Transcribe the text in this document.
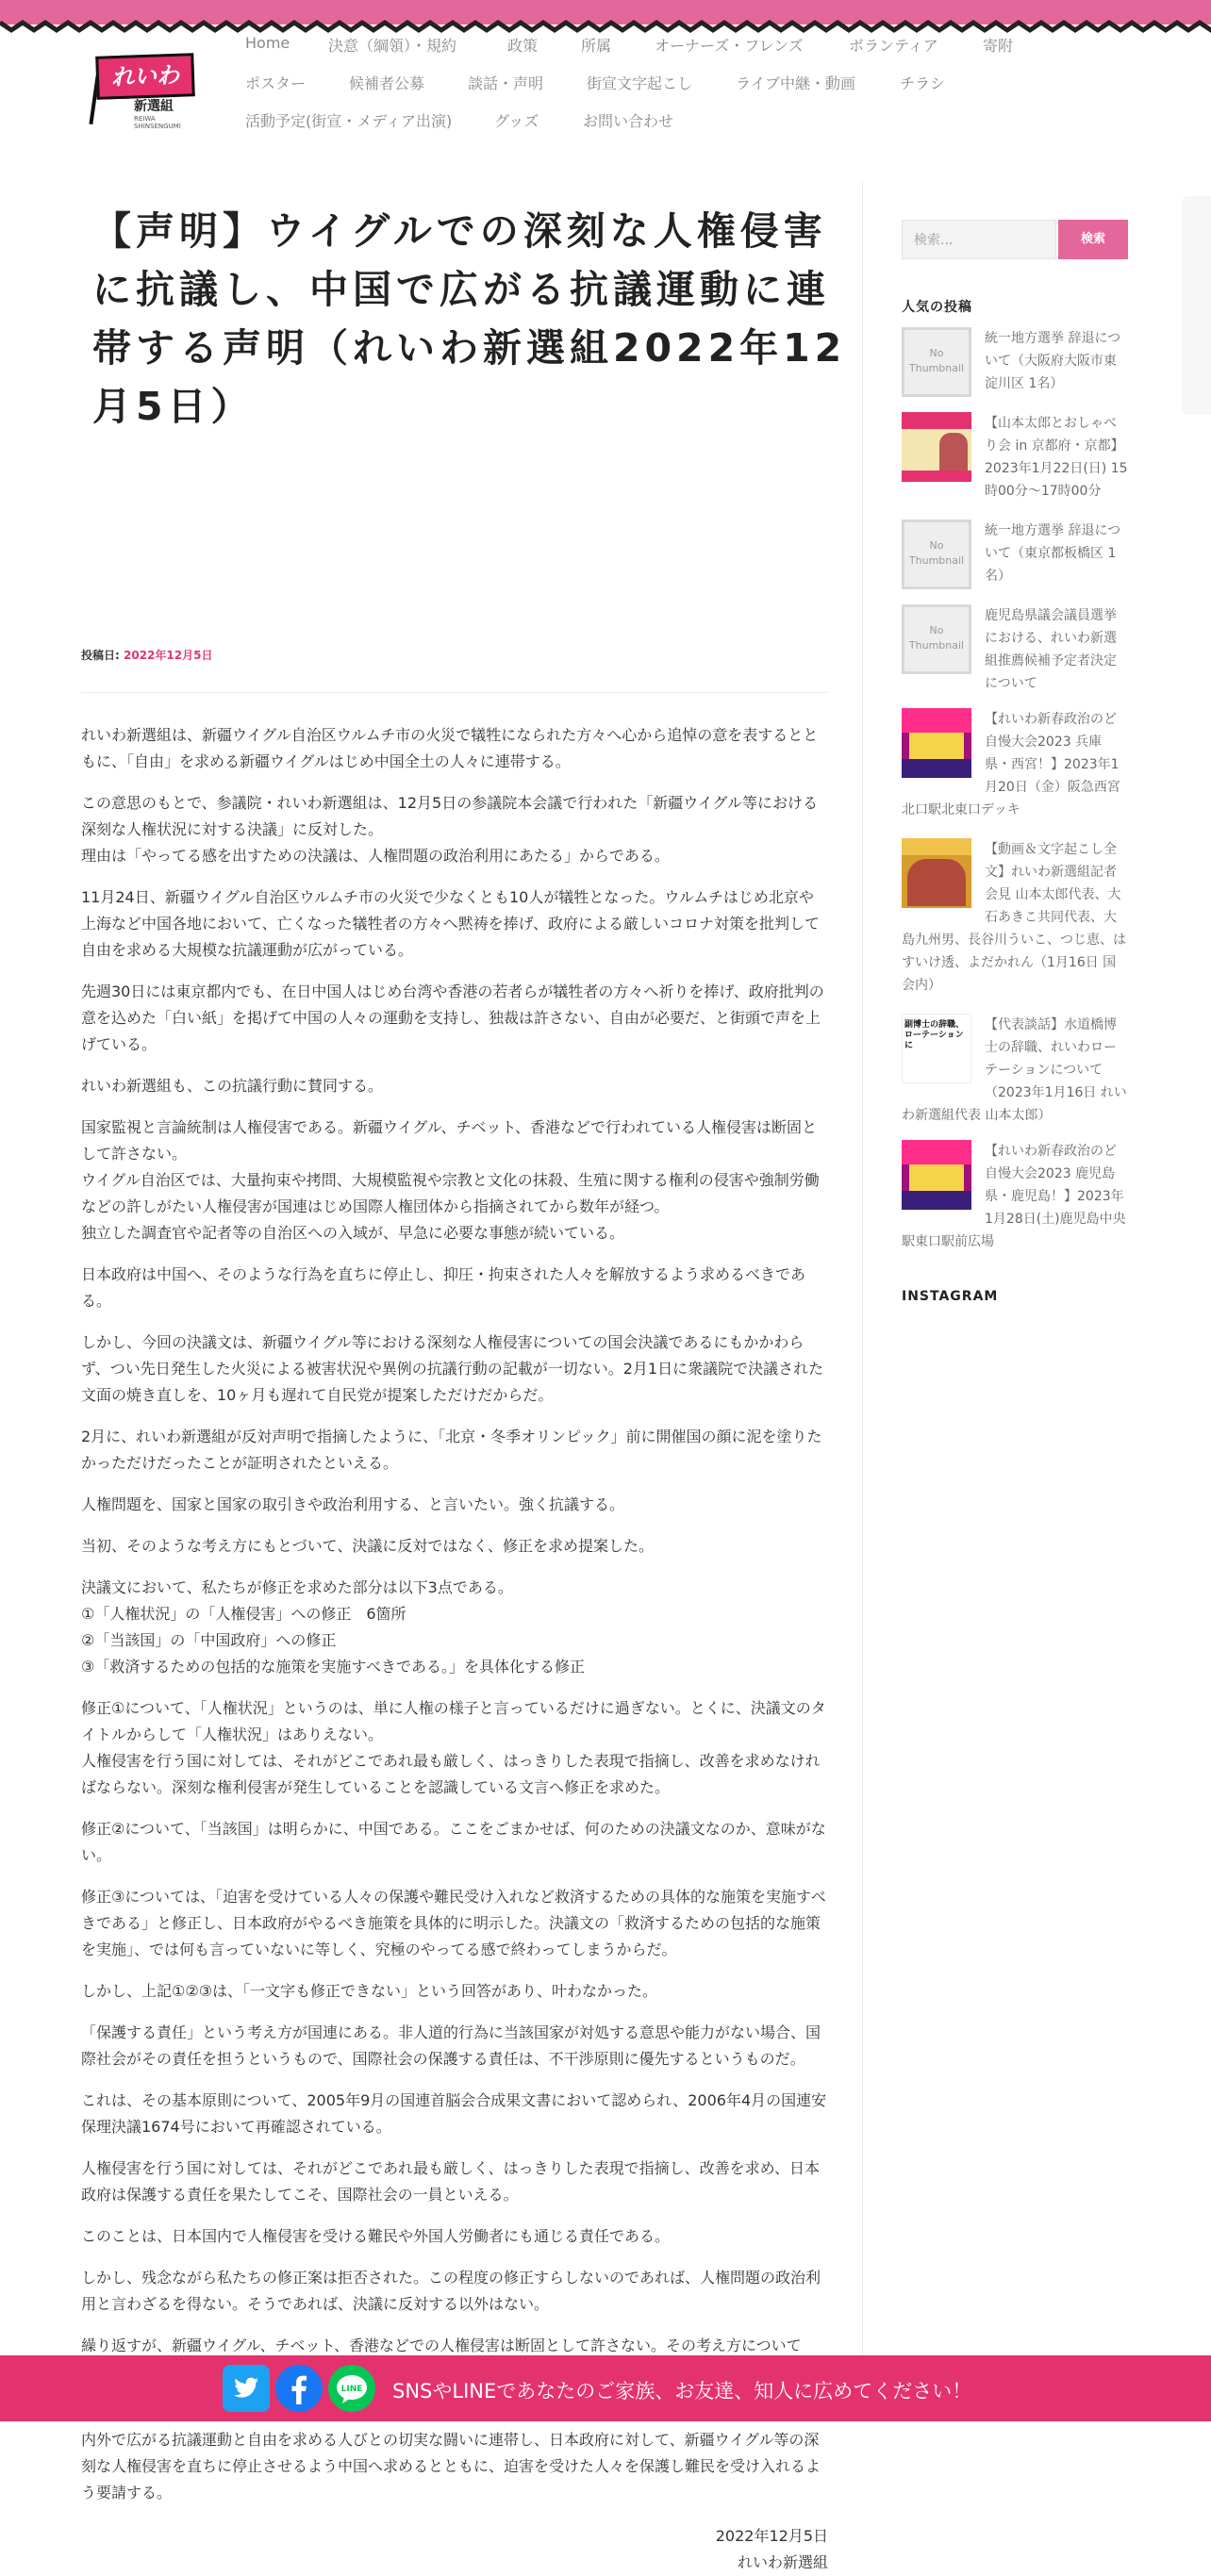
れいわ
新選組
REIWA SHINSENGUMI
Home	決意（綱領）・規約	政策	所属	オーナーズ・フレンズ	ボランティア	寄附
ポスター	候補者公募	談話・声明	街宣文字起こし	ライブ中継・動画	チラシ
活動予定(街宣・メディア出演)	グッズ	お問い合わせ
【声明】ウイグルでの深刻な人権侵害に抗議し、中国で広がる抗議運動に連帯する声明（れいわ新選組2022年12月5日）
投稿日: 2022年12月5日

れいわ新選組は、新疆ウイグル自治区ウルムチ市の火災で犠牲になられた方々へ心から追悼の意を表するとともに、「自由」を求める新疆ウイグルはじめ中国全土の人々に連帯する。

この意思のもとで、参議院・れいわ新選組は、12月5日の参議院本会議で行われた「新疆ウイグル等における深刻な人権状況に対する決議」に反対した。
理由は「やってる感を出すための決議は、人権問題の政治利用にあたる」からである。

11月24日、新疆ウイグル自治区ウルムチ市の火災で少なくとも10人が犠牲となった。ウルムチはじめ北京や上海など中国各地において、亡くなった犠牲者の方々へ黙祷を捧げ、政府による厳しいコロナ対策を批判して自由を求める大規模な抗議運動が広がっている。

先週30日には東京都内でも、在日中国人はじめ台湾や香港の若者らが犠牲者の方々へ祈りを捧げ、政府批判の意を込めた「白い紙」を掲げて中国の人々の運動を支持し、独裁は許さない、自由が必要だ、と街頭で声を上げている。

れいわ新選組も、この抗議行動に賛同する。

国家監視と言論統制は人権侵害である。新疆ウイグル、チベット、香港などで行われている人権侵害は断固として許さない。
ウイグル自治区では、大量拘束や拷問、大規模監視や宗教と文化の抹殺、生殖に関する権利の侵害や強制労働などの許しがたい人権侵害が国連はじめ国際人権団体から指摘されてから数年が経つ。
独立した調査官や記者等の自治区への入域が、早急に必要な事態が続いている。

日本政府は中国へ、そのような行為を直ちに停止し、抑圧・拘束された人々を解放するよう求めるべきである。

しかし、今回の決議文は、新疆ウイグル等における深刻な人権侵害についての国会決議であるにもかかわらず、つい先日発生した火災による被害状況や異例の抗議行動の記載が一切ない。2月1日に衆議院で決議された文面の焼き直しを、10ヶ月も遅れて自民党が提案しただけだからだ。

2月に、れいわ新選組が反対声明で指摘したように、「北京・冬季オリンピック」前に開催国の顔に泥を塗りたかっただけだったことが証明されたといえる。

人権問題を、国家と国家の取引きや政治利用する、と言いたい。強く抗議する。

当初、そのような考え方にもとづいて、決議に反対ではなく、修正を求め提案した。

決議文において、私たちが修正を求めた部分は以下3点である。
①「人権状況」の「人権侵害」への修正　6箇所
②「当該国」の「中国政府」への修正
③「救済するための包括的な施策を実施すべきである。」を具体化する修正

修正①について、「人権状況」というのは、単に人権の様子と言っているだけに過ぎない。とくに、決議文のタイトルからして「人権状況」はありえない。
人権侵害を行う国に対しては、それがどこであれ最も厳しく、はっきりした表現で指摘し、改善を求めなければならない。深刻な権利侵害が発生していることを認識している文言へ修正を求めた。

修正②について、「当該国」は明らかに、中国である。ここをごまかせば、何のための決議文なのか、意味がない。

修正③については、「迫害を受けている人々の保護や難民受け入れなど救済するための具体的な施策を実施すべきである」と修正し、日本政府がやるべき施策を具体的に明示した。決議文の「救済するための包括的な施策を実施」、では何も言っていないに等しく、究極のやってる感で終わってしまうからだ。

しかし、上記①②③は、「一文字も修正できない」という回答があり、叶わなかった。

「保護する責任」という考え方が国連にある。非人道的行為に当該国家が対処する意思や能力がない場合、国際社会がその責任を担うというもので、国際社会の保護する責任は、不干渉原則に優先するというものだ。

これは、その基本原則について、2005年9月の国連首脳会合成果文書において認められ、2006年4月の国連安保理決議1674号において再確認されている。

人権侵害を行う国に対しては、それがどこであれ最も厳しく、はっきりした表現で指摘し、改善を求め、日本政府は保護する責任を果たしてこそ、国際社会の一員といえる。

このことは、日本国内で人権侵害を受ける難民や外国人労働者にも通じる責任である。

しかし、残念ながら私たちの修正案は拒否された。この程度の修正すらしないのであれば、人権問題の政治利用と言わざるを得ない。そうであれば、決議に反対する以外はない。

繰り返すが、新疆ウイグル、チベット、香港などでの人権侵害は断固として許さない。その考え方について

内外で広がる抗議運動と自由を求める人びとの切実な闘いに連帯し、日本政府に対して、新疆ウイグル等の深刻な人権侵害を直ちに停止させるよう中国へ求めるとともに、迫害を受けた人々を保護し難民を受け入れるよう要請する。

2022年12月5日
れいわ新選組
検索...	検索
人気の投稿
No Thumbnail
統一地方選挙 辞退について（大阪府大阪市東淀川区 1名）
【山本太郎とおしゃべり会 in 京都府・京都】2023年1月22日(日) 15時00分～17時00分
No Thumbnail
統一地方選挙 辞退について（東京都板橋区 1名）
No Thumbnail
鹿児島県議会議員選挙における、れいわ新選組推薦候補予定者決定について
【れいわ新春政治のど自慢大会2023 兵庫県・西宮！】2023年1月20日（金）阪急西宮北口駅北東口デッキ
【動画＆文字起こし全文】れいわ新選組記者会見 山本太郎代表、大石あきこ共同代表、大島九州男、長谷川ういこ、つじ恵、はすいけ透、よだかれん（1月16日 国会内）
副博士の辞職、ローテーションに
【代表談話】水道橋博士の辞職、れいわローテーションについて（2023年1月16日 れいわ新選組代表 山本太郎）
【れいわ新春政治のど自慢大会2023 鹿児島県・鹿児島！】2023年1月28日(土)鹿児島中央駅東口駅前広場
INSTAGRAM
LINE SNSやLINEであなたのご家族、お友達、知人に広めてください！
